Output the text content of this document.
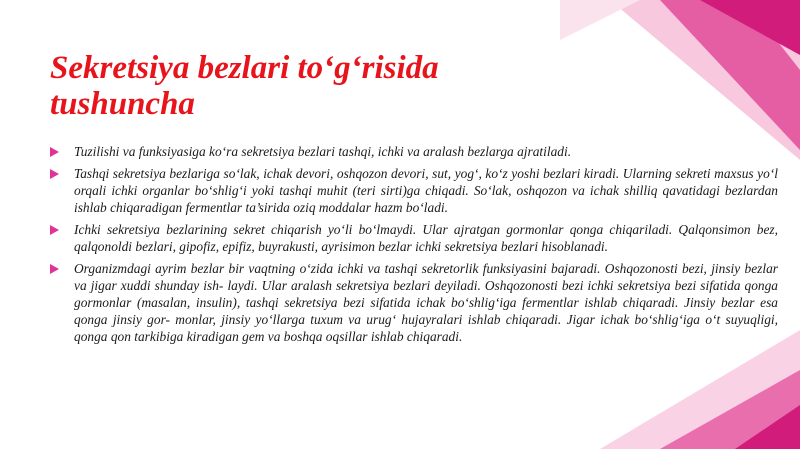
Sekretsiya bezlari to‘g‘risida
tushuncha
Tuzilishi va funksiyasiga ko‘ra sekretsiya bezlari tashqi, ichki va aralash bezlarga ajratiladi.
Tashqi sekretsiya bezlariga so‘lak, ichak devori, oshqozon devori, sut, yog‘, ko‘z yoshi bezlari kiradi. Ularning sekreti maxsus yo‘l orqali ichki organlar bo‘shlig‘i yoki tashqi muhit (teri sirti)ga chiqadi. So‘lak, oshqozon va ichak shilliq qavatidagi bezlardan ishlab chiqaradigan fermentlar ta’sirida oziq moddalar hazm bo‘ladi.
Ichki sekretsiya bezlarining sekret chiqarish yo‘li bo‘lmaydi. Ular ajratgan gormonlar qonga chiqariladi. Qalqonsimon bez, qalqonoldi bezlari, gipofiz, epifiz, buyrakusti, ayrisimon bezlar ichki sekretsiya bezlari hisoblanadi.
Organizmdagi ayrim bezlar bir vaqtning o‘zida ichki va tashqi sekretorlik funksiyasini bajaradi. Oshqozonosti bezi, jinsiy bezlar va jigar xuddi shunday ish- laydi. Ular aralash sekretsiya bezlari deyiladi. Oshqozonosti bezi ichki sekretsiya bezi sifatida qonga gormonlar (masalan, insulin), tashqi sekretsiya bezi sifatida ichak bo‘shlig‘iga fermentlar ishlab chiqaradi. Jinsiy bezlar esa qonga jinsiy gor- monlar, jinsiy yo‘llarga tuxum va urug‘ hujayralari ishlab chiqaradi. Jigar ichak bo‘shlig‘iga o‘t suyuqligi, qonga qon tarkibiga kiradigan gem va boshqa oqsillar ishlab chiqaradi.
